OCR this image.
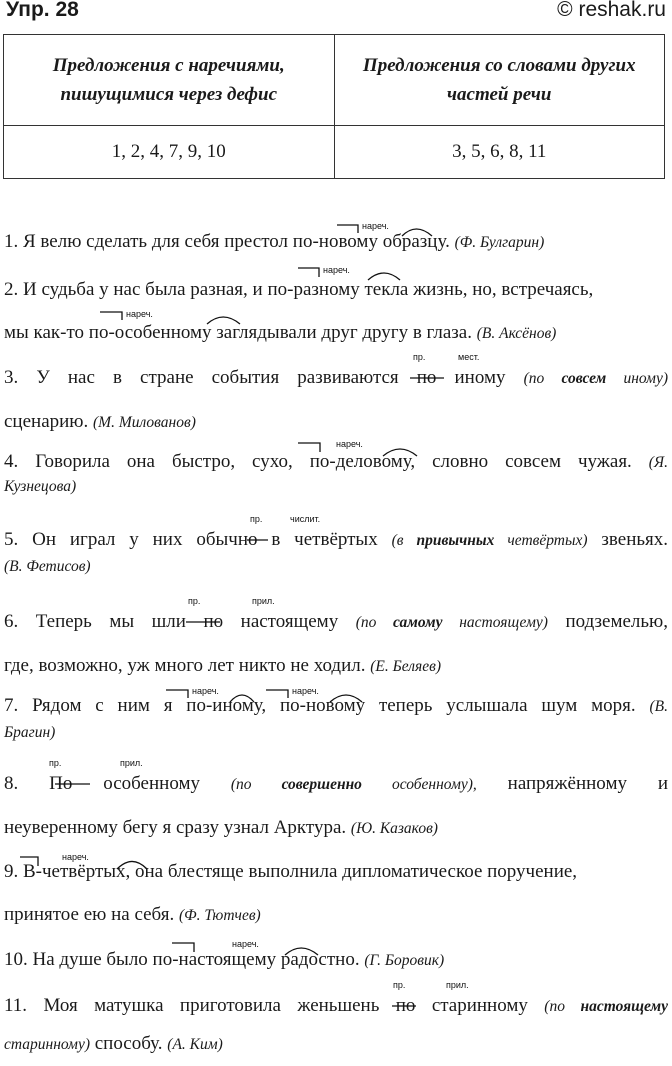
Упр. 28	© reshak.ru
Предложения с наречиями, пишущимися через дефис	Предложения со словами других частей речи
1, 2, 4, 7, 9, 10	3, 5, 6, 8, 11
1. Я велю сделать для себя престол по-новому образцу. (Ф. Булгарин)
2. И судьба у нас была разная, и по-разному текла жизнь, но, встречаясь,
мы как-то по-особенному заглядывали друг другу в глаза. (В. Аксёнов)
3. У нас в стране события развиваются по иному (по совсем иному)
сценарию. (М. Милованов)
4. Говорила она быстро, сухо, по-деловому, словно совсем чужая. (Я.
Кузнецова)
5. Он играл у них обычно в четвёртых (в привычных четвёртых) звеньях.
(В. Фетисов)
6. Теперь мы шли по настоящему (по самому настоящему) подземелью,
где, возможно, уж много лет никто не ходил. (Е. Беляев)
7. Рядом с ним я по-иному, по-новому теперь услышала шум моря. (В.
Брагин)
8. По особенному (по совершенно особенному), напряжённому и
неуверенному бегу я сразу узнал Арктура. (Ю. Казаков)
9. В-четвёртых, она блестяще выполнила дипломатическое поручение,
принятое ею на себя. (Ф. Тютчев)
10. На душе было по-настоящему радостно. (Г. Боровик)
11. Моя матушка приготовила женьшень по старинному (по настоящему
старинному) способу. (А. Ким)
нареч.
нареч.
нареч.
пр.	мест.
нареч.
пр.	числит.
пр.	прил.
нареч.	нареч.
пр.	прил.
нареч.
нареч.
пр.	прил.
